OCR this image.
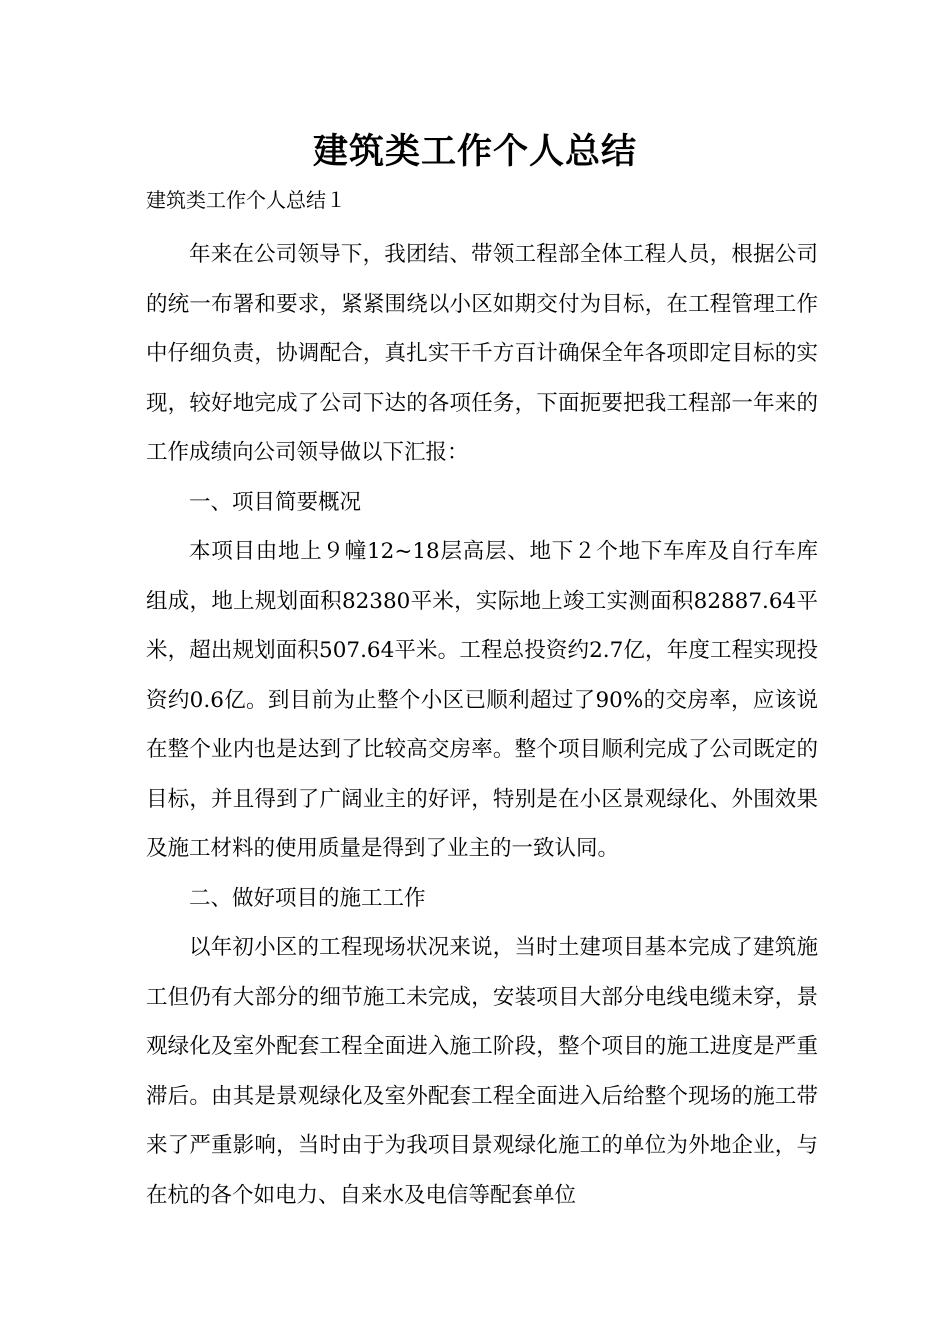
建筑类工作个人总结

建筑类工作个人总结１

年来在公司领导下，我团结、带领工程部全体工程人员，根据公司的统一布署和要求，紧紧围绕以小区如期交付为目标，在工程管理工作中仔细负责，协调配合，真扎实干千方百计确保全年各项即定目标的实现，较好地完成了公司下达的各项任务，下面扼要把我工程部一年来的工作成绩向公司领导做以下汇报：

一、项目简要概况

本项目由地上９幢12~18层高层、地下２个地下车库及自行车库组成，地上规划面积82380平米，实际地上竣工实测面积82887.64平米，超出规划面积507.64平米。工程总投资约2.7亿，年度工程实现投资约0.6亿。到目前为止整个小区已顺利超过了90%的交房率，应该说在整个业内也是达到了比较高交房率。整个项目顺利完成了公司既定的目标，并且得到了广阔业主的好评，特别是在小区景观绿化、外围效果及施工材料的使用质量是得到了业主的一致认同。

二、做好项目的施工工作

以年初小区的工程现场状况来说，当时土建项目基本完成了建筑施工但仍有大部分的细节施工未完成，安装项目大部分电线电缆未穿，景观绿化及室外配套工程全面进入施工阶段，整个项目的施工进度是严重滞后。由其是景观绿化及室外配套工程全面进入后给整个现场的施工带来了严重影响，当时由于为我项目景观绿化施工的单位为外地企业，与在杭的各个如电力、自来水及电信等配套单位
